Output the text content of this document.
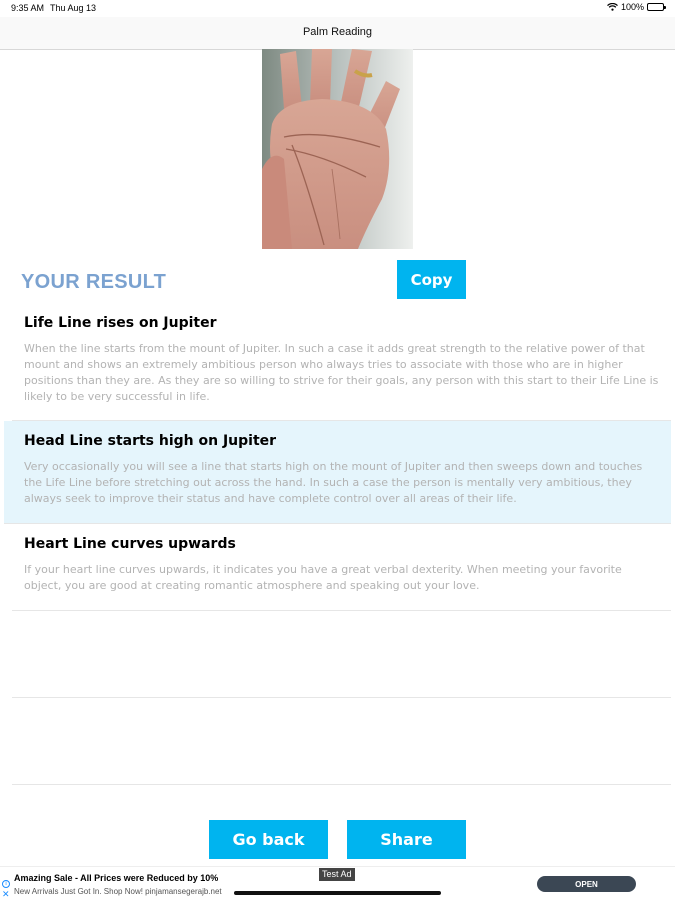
9:35 AM Thu Aug 13	100%
Palm Reading
YOUR RESULT	Copy
Life Line rises on Jupiter
When the line starts from the mount of Jupiter. In such a case it adds great strength to the relative power of that mount and shows an extremely ambitious person who always tries to associate with those who are in higher positions than they are. As they are so willing to strive for their goals, any person with this start to their Life Line is likely to be very successful in life.
Head Line starts high on Jupiter
Very occasionally you will see a line that starts high on the mount of Jupiter and then sweeps down and touches the Life Line before stretching out across the hand. In such a case the person is mentally very ambitious, they always seek to improve their status and have complete control over all areas of their life.
Heart Line curves upwards
If your heart line curves upwards, it indicates you have a great verbal dexterity. When meeting your favorite object, you are good at creating romantic atmosphere and speaking out your love.
Go back	Share
i
✕
Amazing Sale - All Prices were Reduced by 10%
New Arrivals Just Got In. Shop Now! pinjamansegerajb.net
Test Ad
OPEN
